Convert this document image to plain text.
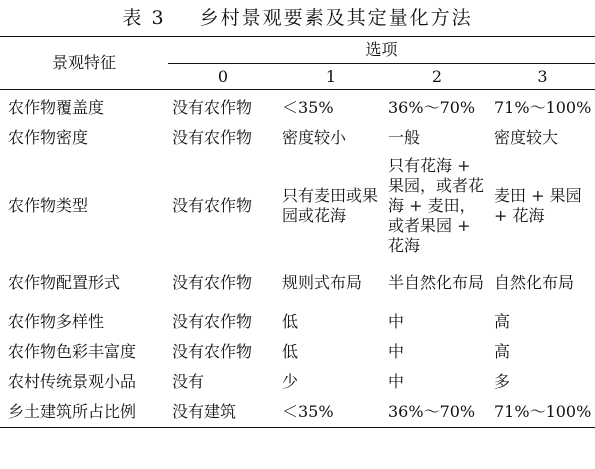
表 3 乡村景观要素及其定量化方法
景观特征	选项			
	0	1	2	3
农作物覆盖度	没有农作物	＜35%	36%～70%	71%～100%
农作物密度	没有农作物	密度较小	一般	密度较大
农作物类型	没有农作物	只有麦田或果园或花海	只有花海 + 果园，或者花海 + 麦田，或者果园 + 花海	麦田 + 果园 + 花海

农作物配置形式	没有农作物	规则式布局	半自然化布局	自然化布局
农作物多样性	没有农作物	低	中	高
农作物色彩丰富度	没有农作物	低	中	高
农村传统景观小品	没有	少	中	多
乡土建筑所占比例	没有建筑	＜35%	36%～70%	71%～100%
